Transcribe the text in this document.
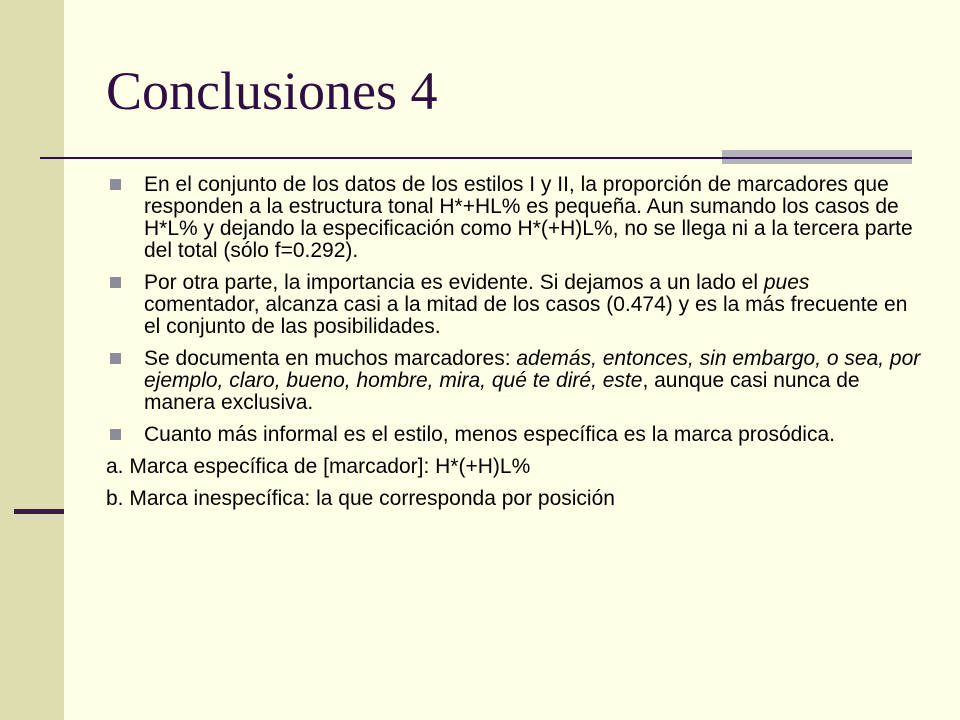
Conclusiones 4
En el conjunto de los datos de los estilos I y II, la proporción de marcadores que responden a la estructura tonal H*+HL% es pequeña. Aun sumando los casos de H*L% y dejando la especificación como H*(+H)L%, no se llega ni a la tercera parte del total (sólo f=0.292).
Por otra parte, la importancia es evidente. Si dejamos a un lado el pues comentador, alcanza casi a la mitad de los casos (0.474) y es la más frecuente en el conjunto de las posibilidades.
Se documenta en muchos marcadores: además, entonces, sin embargo, o sea, por ejemplo, claro, bueno, hombre, mira, qué te diré, este, aunque casi nunca de manera exclusiva.
Cuanto más informal es el estilo, menos específica es la marca prosódica.
a. Marca específica de [marcador]: H*(+H)L%
b. Marca inespecífica: la que corresponda por posición
